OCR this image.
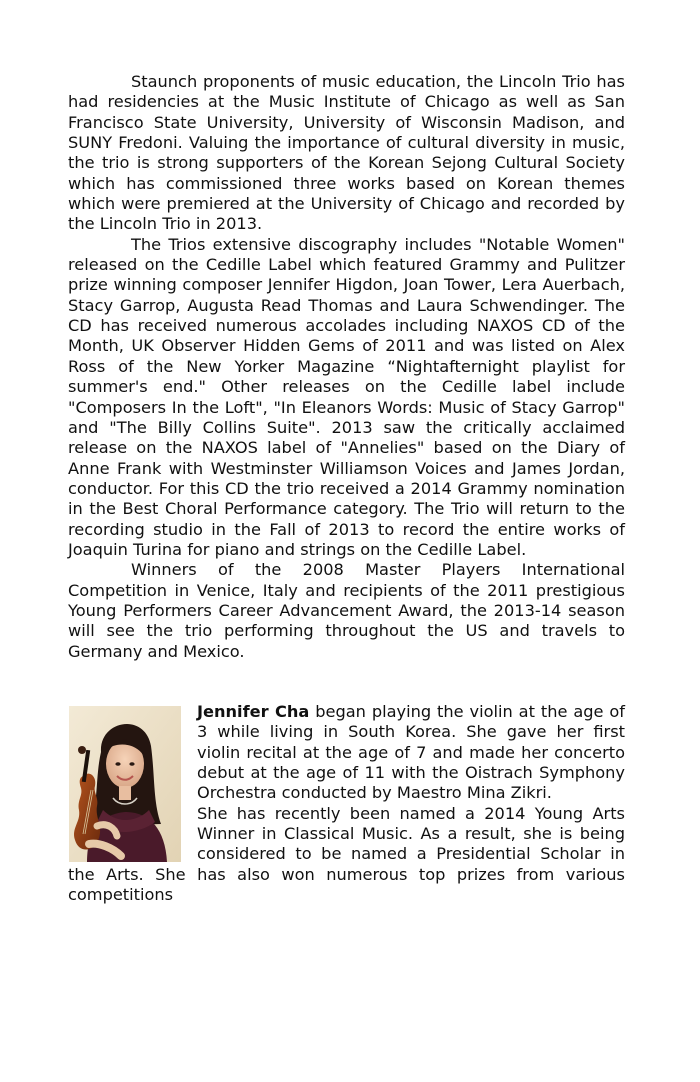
Staunch proponents of music education, the Lincoln Trio has had residencies at the Music Institute of Chicago as well as San Francisco State University, University of Wisconsin Madison, and SUNY Fredoni. Valuing the importance of cultural diversity in music, the trio is strong supporters of the Korean Sejong Cultural Society which has commissioned three works based on Korean themes which were premiered at the University of Chicago and recorded by the Lincoln Trio in 2013.

The Trios extensive discography includes "Notable Women" released on the Cedille Label which featured Grammy and Pulitzer prize winning composer Jennifer Higdon, Joan Tower, Lera Auerbach, Stacy Garrop, Augusta Read Thomas and Laura Schwendinger. The CD has received numerous accolades including NAXOS CD of the Month, UK Observer Hidden Gems of 2011 and was listed on Alex Ross of the New Yorker Magazine “Nightafternight playlist for summer's end." Other releases on the Cedille label include "Composers In the Loft", "In Eleanors Words: Music of Stacy Garrop" and "The Billy Collins Suite". 2013 saw the critically acclaimed release on the NAXOS label of "Annelies" based on the Diary of Anne Frank with Westminster Williamson Voices and James Jordan, conductor. For this CD the trio received a 2014 Grammy nomination in the Best Choral Performance category. The Trio will return to the recording studio in the Fall of 2013 to record the entire works of Joaquin Turina for piano and strings on the Cedille Label.

Winners of the 2008 Master Players International Competition in Venice, Italy and recipients of the 2011 prestigious Young Performers Career Advancement Award, the 2013-14 season will see the trio performing throughout the US and travels to Germany and Mexico.

Jennifer Cha began playing the violin at the age of 3 while living in South Korea. She gave her first violin recital at the age of 7 and made her concerto debut at the age of 11 with the Oistrach Symphony Orchestra conducted by Maestro Mina Zikri.
She has recently been named a 2014 Young Arts Winner in Classical Music. As a result, she is being considered to be named a Presidential Scholar in the Arts. She has also won numerous top prizes from various competitions
